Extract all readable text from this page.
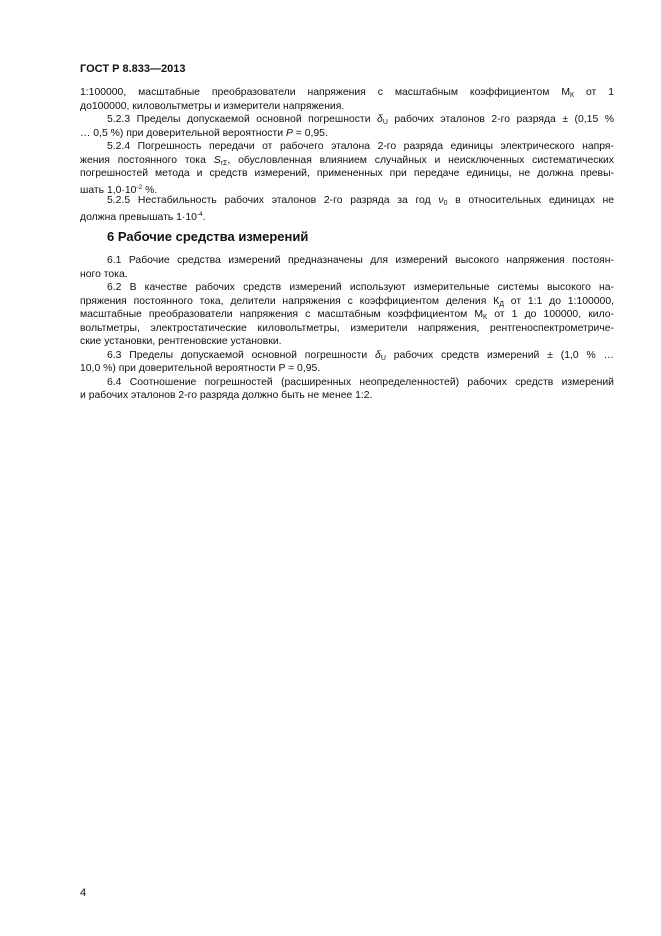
ГОСТ Р 8.833—2013
1:100000, масштабные преобразователи напряжения с масштабным коэффициентом $M_К$ от 1
до100000, киловольтметры и измерители напряжения.
5.2.3 Пределы допускаемой основной погрешности $\delta_U$ рабочих эталонов 2-го разряда ± (0,15 %
… 0,5 %) при доверительной вероятности P = 0,95.
5.2.4 Погрешность передачи от рабочего эталона 2-го разряда единицы электрического напря-
жения постоянного тока $S_{r\Sigma}$, обусловленная влиянием случайных и неисключенных систематических
погрешностей метода и средств измерений, примененных при передаче единицы, не должна превы-
шать $1,0\cdot 10^{-2}$ %.
5.2.5 Нестабильность рабочих эталонов 2-го разряда за год $\nu_0$ в относительных единицах не
должна превышать $1\cdot 10^{-4}$.
6 Рабочие средства измерений
6.1 Рабочие средства измерений предназначены для измерений высокого напряжения постоян-
ного тока.
6.2 В качестве рабочих средств измерений используют измерительные системы высокого на-
пряжения постоянного тока, делители напряжения с коэффициентом деления $К_Д$ от 1:1 до 1:100000,
масштабные преобразователи напряжения с масштабным коэффициентом $M_К$ от 1 до 100000, кило-
вольтметры, электростатические киловольтметры, измерители напряжения, рентгеноспектрометриче-
ские установки, рентгеновские установки.
6.3 Пределы допускаемой основной погрешности $\delta_U$ рабочих средств измерений ± (1,0 % …
10,0 %) при доверительной вероятности P = 0,95.
6.4 Соотношение погрешностей (расширенных неопределенностей) рабочих средств измерений
и рабочих эталонов 2-го разряда должно быть не менее 1:2.
4
